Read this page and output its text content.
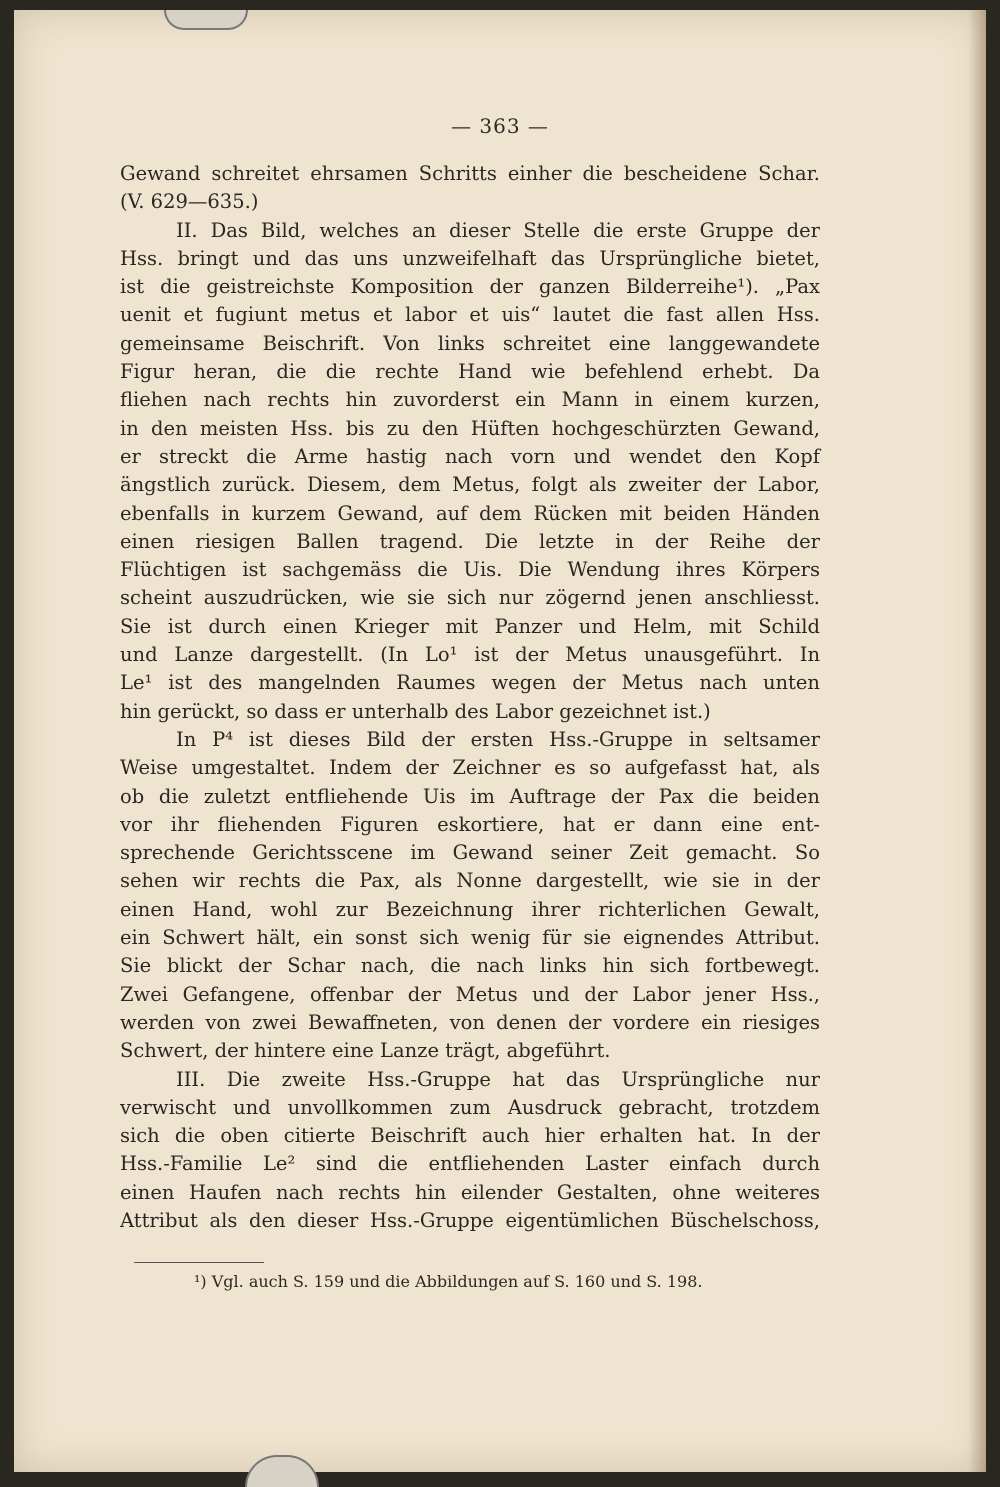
— 363 —
Gewand schreitet ehrsamen Schritts einher die bescheidene Schar.
(V. 629—635.)
II. Das Bild, welches an dieser Stelle die erste Gruppe der
Hss. bringt und das uns unzweifelhaft das Ursprüngliche bietet,
ist die geistreichste Komposition der ganzen Bilderreihe¹). „Pax
uenit et fugiunt metus et labor et uis“ lautet die fast allen Hss.
gemeinsame Beischrift. Von links schreitet eine langgewandete
Figur heran, die die rechte Hand wie befehlend erhebt. Da
fliehen nach rechts hin zuvorderst ein Mann in einem kurzen,
in den meisten Hss. bis zu den Hüften hochgeschürzten Gewand,
er streckt die Arme hastig nach vorn und wendet den Kopf
ängstlich zurück. Diesem, dem Metus, folgt als zweiter der Labor,
ebenfalls in kurzem Gewand, auf dem Rücken mit beiden Händen
einen riesigen Ballen tragend. Die letzte in der Reihe der
Flüchtigen ist sachgemäss die Uis. Die Wendung ihres Körpers
scheint auszudrücken, wie sie sich nur zögernd jenen anschliesst.
Sie ist durch einen Krieger mit Panzer und Helm, mit Schild
und Lanze dargestellt. (In Lo¹ ist der Metus unausgeführt. In
Le¹ ist des mangelnden Raumes wegen der Metus nach unten
hin gerückt, so dass er unterhalb des Labor gezeichnet ist.)
In P⁴ ist dieses Bild der ersten Hss.-Gruppe in seltsamer
Weise umgestaltet. Indem der Zeichner es so aufgefasst hat, als
ob die zuletzt entfliehende Uis im Auftrage der Pax die beiden
vor ihr fliehenden Figuren eskortiere, hat er dann eine ent-
sprechende Gerichtsscene im Gewand seiner Zeit gemacht. So
sehen wir rechts die Pax, als Nonne dargestellt, wie sie in der
einen Hand, wohl zur Bezeichnung ihrer richterlichen Gewalt,
ein Schwert hält, ein sonst sich wenig für sie eignendes Attribut.
Sie blickt der Schar nach, die nach links hin sich fortbewegt.
Zwei Gefangene, offenbar der Metus und der Labor jener Hss.,
werden von zwei Bewaffneten, von denen der vordere ein riesiges
Schwert, der hintere eine Lanze trägt, abgeführt.
III. Die zweite Hss.-Gruppe hat das Ursprüngliche nur
verwischt und unvollkommen zum Ausdruck gebracht, trotzdem
sich die oben citierte Beischrift auch hier erhalten hat. In der
Hss.-Familie Le² sind die entfliehenden Laster einfach durch
einen Haufen nach rechts hin eilender Gestalten, ohne weiteres
Attribut als den dieser Hss.-Gruppe eigentümlichen Büschelschoss,
¹) Vgl. auch S. 159 und die Abbildungen auf S. 160 und S. 198.
